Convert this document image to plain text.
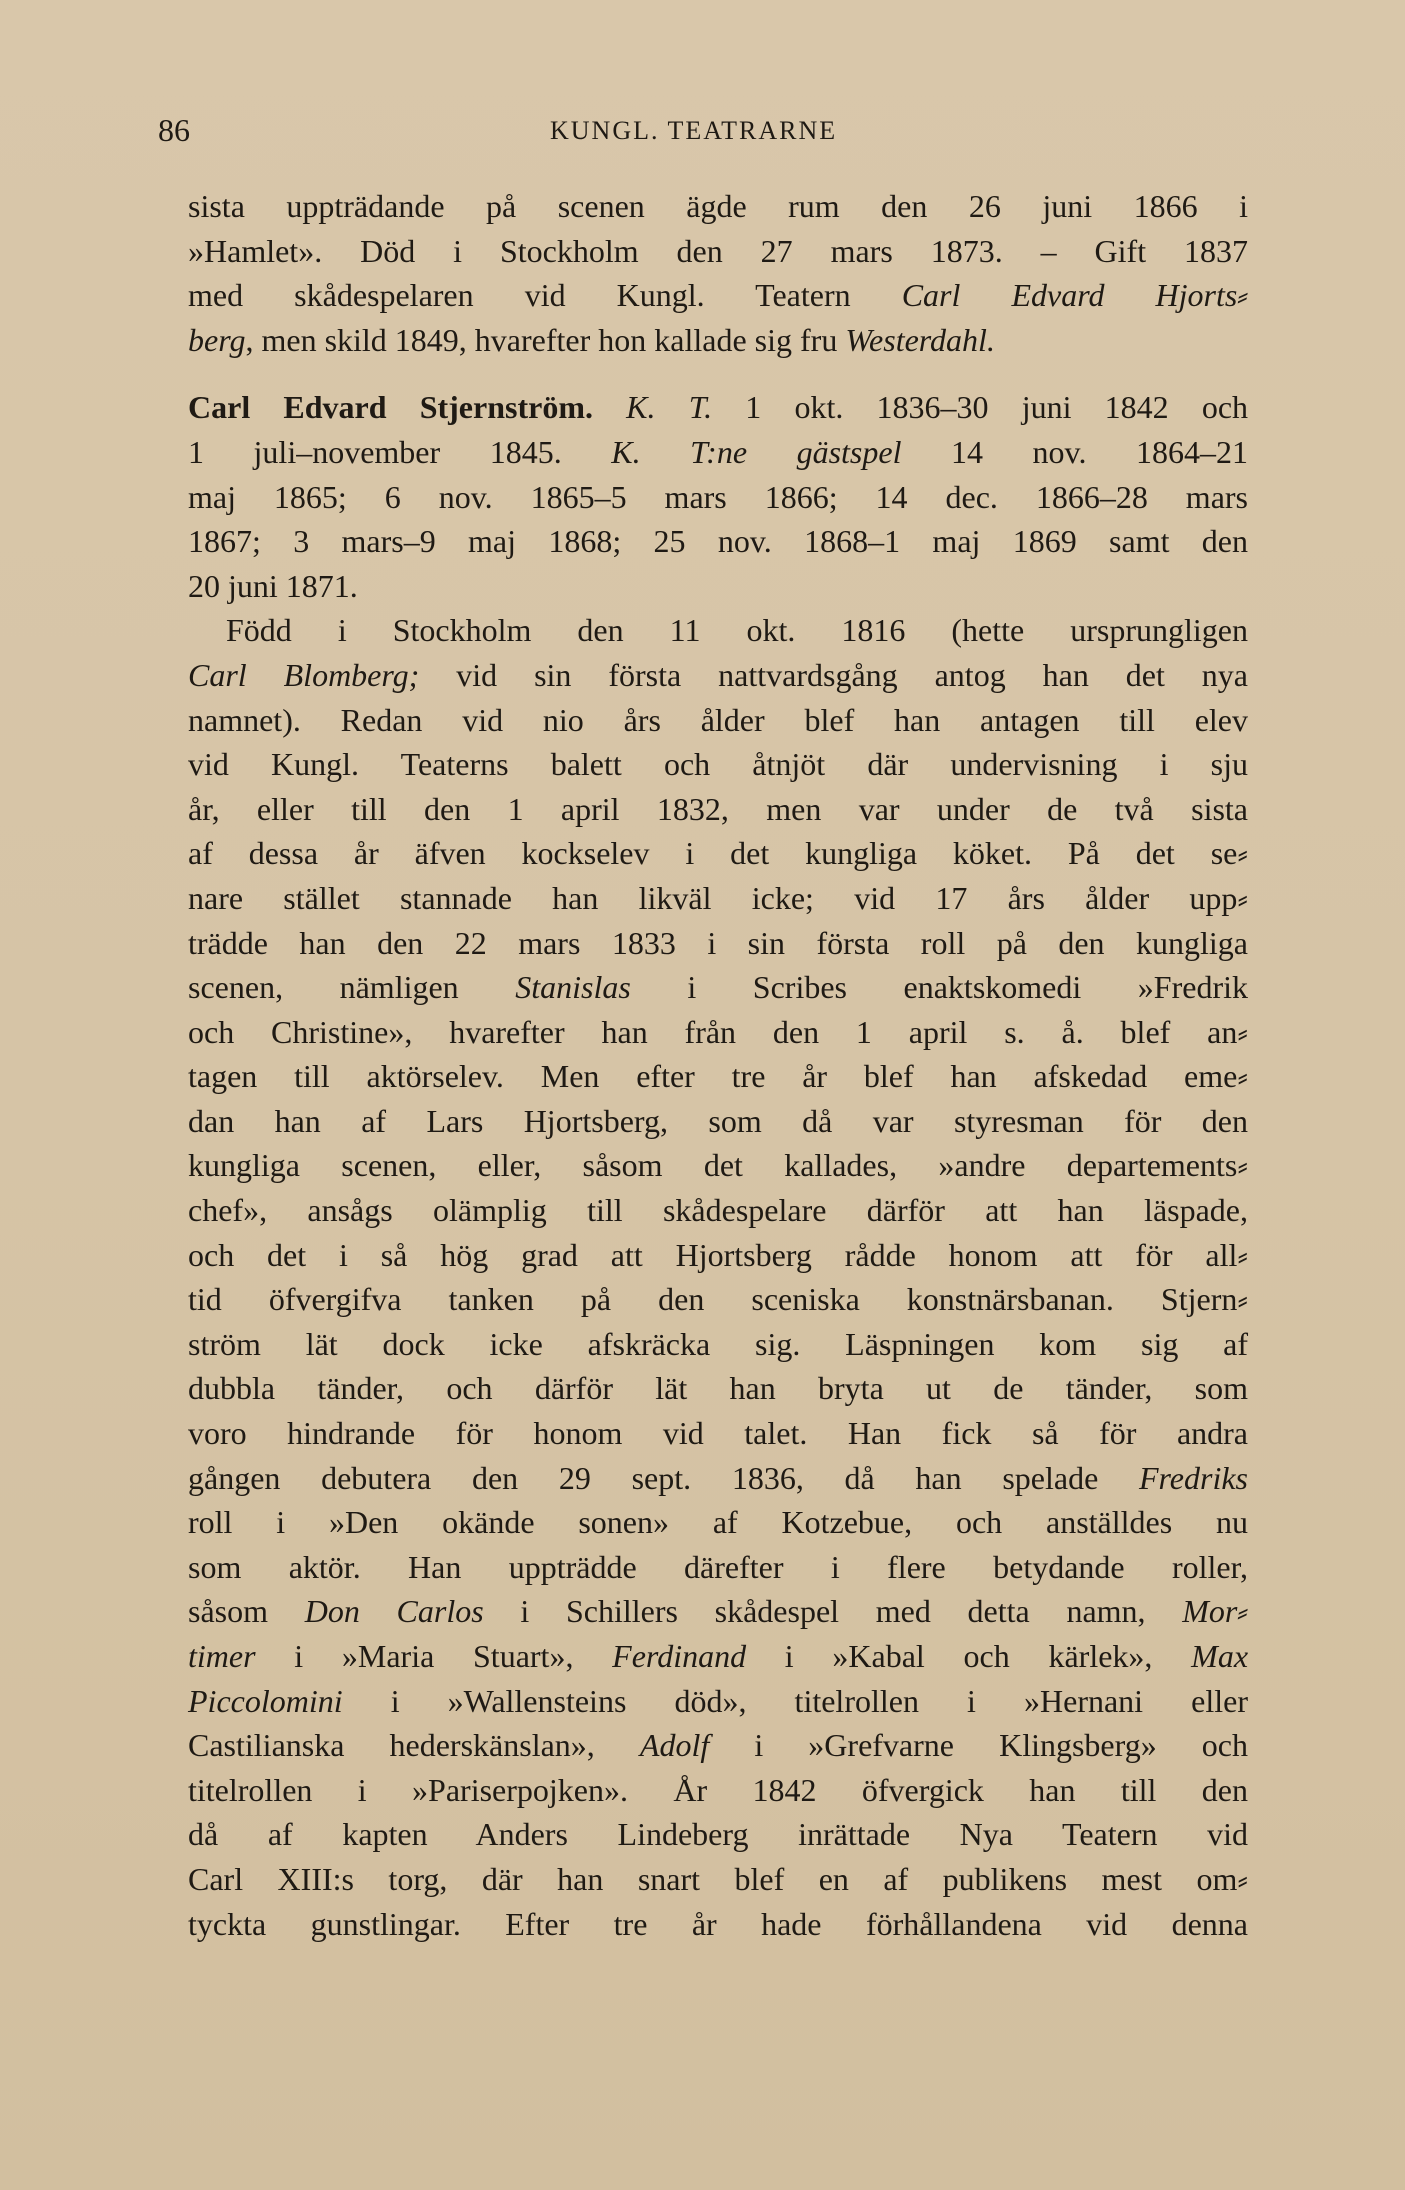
86	KUNGL. TEATRARNE
sista uppträdande på scenen ägde rum den 26 juni 1866 i
»Hamlet». Död i Stockholm den 27 mars 1873. – Gift 1837
med skådespelaren vid Kungl. Teatern Carl Edvard Hjorts⸗
berg, men skild 1849, hvarefter hon kallade sig fru Westerdahl.
Carl Edvard Stjernström. K. T. 1 okt. 1836–30 juni 1842 och
1 juli–november 1845. K. T:ne gästspel 14 nov. 1864–21
maj 1865; 6 nov. 1865–5 mars 1866; 14 dec. 1866–28 mars
1867; 3 mars–9 maj 1868; 25 nov. 1868–1 maj 1869 samt den
20 juni 1871.
Född i Stockholm den 11 okt. 1816 (hette ursprungligen
Carl Blomberg; vid sin första nattvardsgång antog han det nya
namnet). Redan vid nio års ålder blef han antagen till elev
vid Kungl. Teaterns balett och åtnjöt där undervisning i sju
år, eller till den 1 april 1832, men var under de två sista
af dessa år äfven kockselev i det kungliga köket. På det se⸗
nare stället stannade han likväl icke; vid 17 års ålder upp⸗
trädde han den 22 mars 1833 i sin första roll på den kungliga
scenen, nämligen Stanislas i Scribes enaktskomedi »Fredrik
och Christine», hvarefter han från den 1 april s. å. blef an⸗
tagen till aktörselev. Men efter tre år blef han afskedad eme⸗
dan han af Lars Hjortsberg, som då var styresman för den
kungliga scenen, eller, såsom det kallades, »andre departements⸗
chef», ansågs olämplig till skådespelare därför att han läspade,
och det i så hög grad att Hjortsberg rådde honom att för all⸗
tid öfvergifva tanken på den sceniska konstnärsbanan. Stjern⸗
ström lät dock icke afskräcka sig. Läspningen kom sig af
dubbla tänder, och därför lät han bryta ut de tänder, som
voro hindrande för honom vid talet. Han fick så för andra
gången debutera den 29 sept. 1836, då han spelade Fredriks
roll i »Den okände sonen» af Kotzebue, och anställdes nu
som aktör. Han uppträdde därefter i flere betydande roller,
såsom Don Carlos i Schillers skådespel med detta namn, Mor⸗
timer i »Maria Stuart», Ferdinand i »Kabal och kärlek», Max
Piccolomini i »Wallensteins död», titelrollen i »Hernani eller
Castilianska hederskänslan», Adolf i »Grefvarne Klingsberg» och
titelrollen i »Pariserpojken». År 1842 öfvergick han till den
då af kapten Anders Lindeberg inrättade Nya Teatern vid
Carl XIII:s torg, där han snart blef en af publikens mest om⸗
tyckta gunstlingar. Efter tre år hade förhållandena vid denna
